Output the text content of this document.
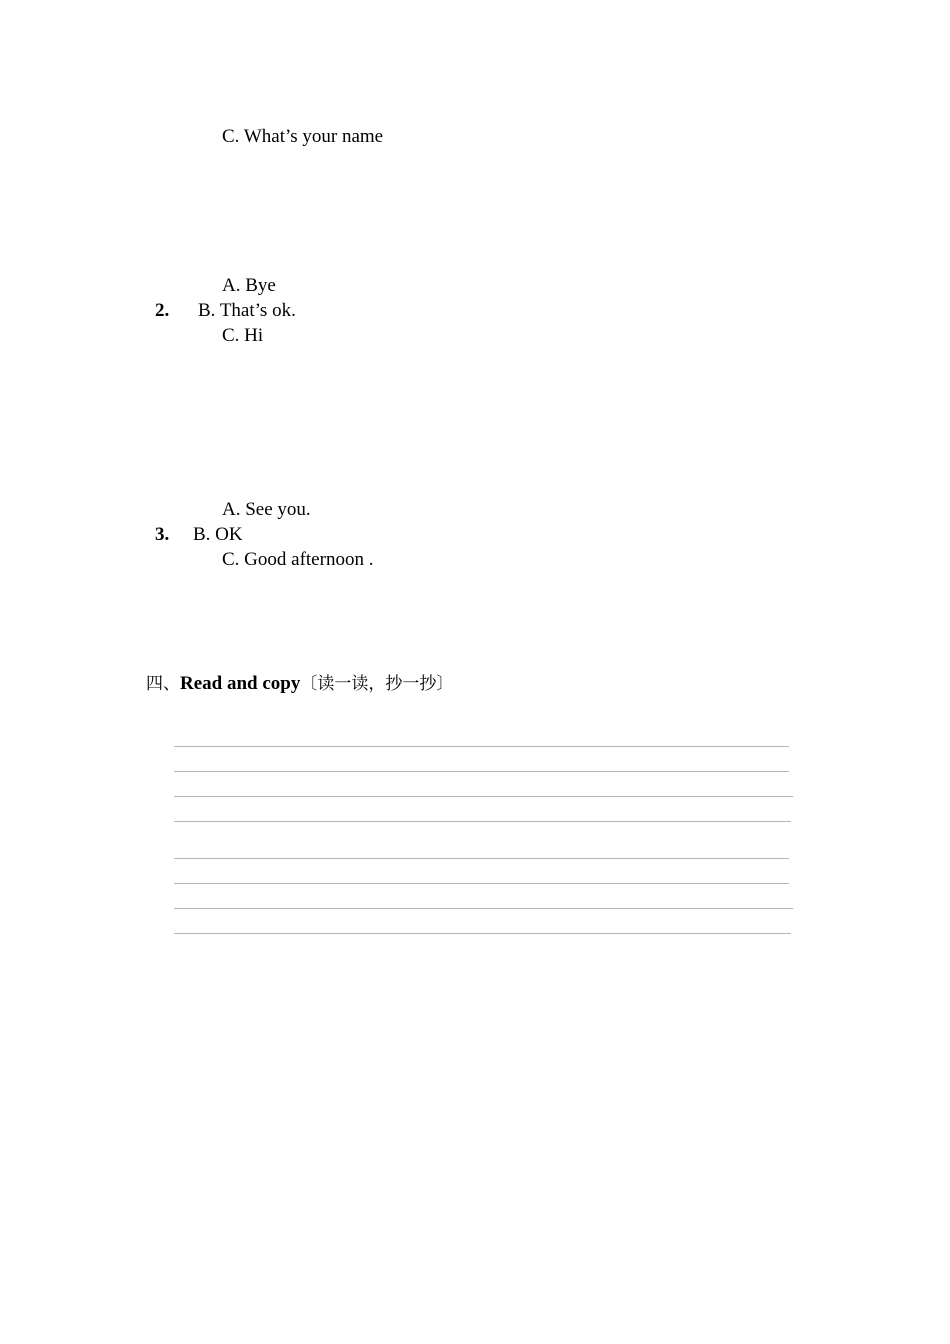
C. What’s your name
A. Bye
2. B. That’s ok.
C. Hi
A. See you.
3. B. OK
C. Good afternoon .
四、Read and copy〔读一读，抄一抄〕
